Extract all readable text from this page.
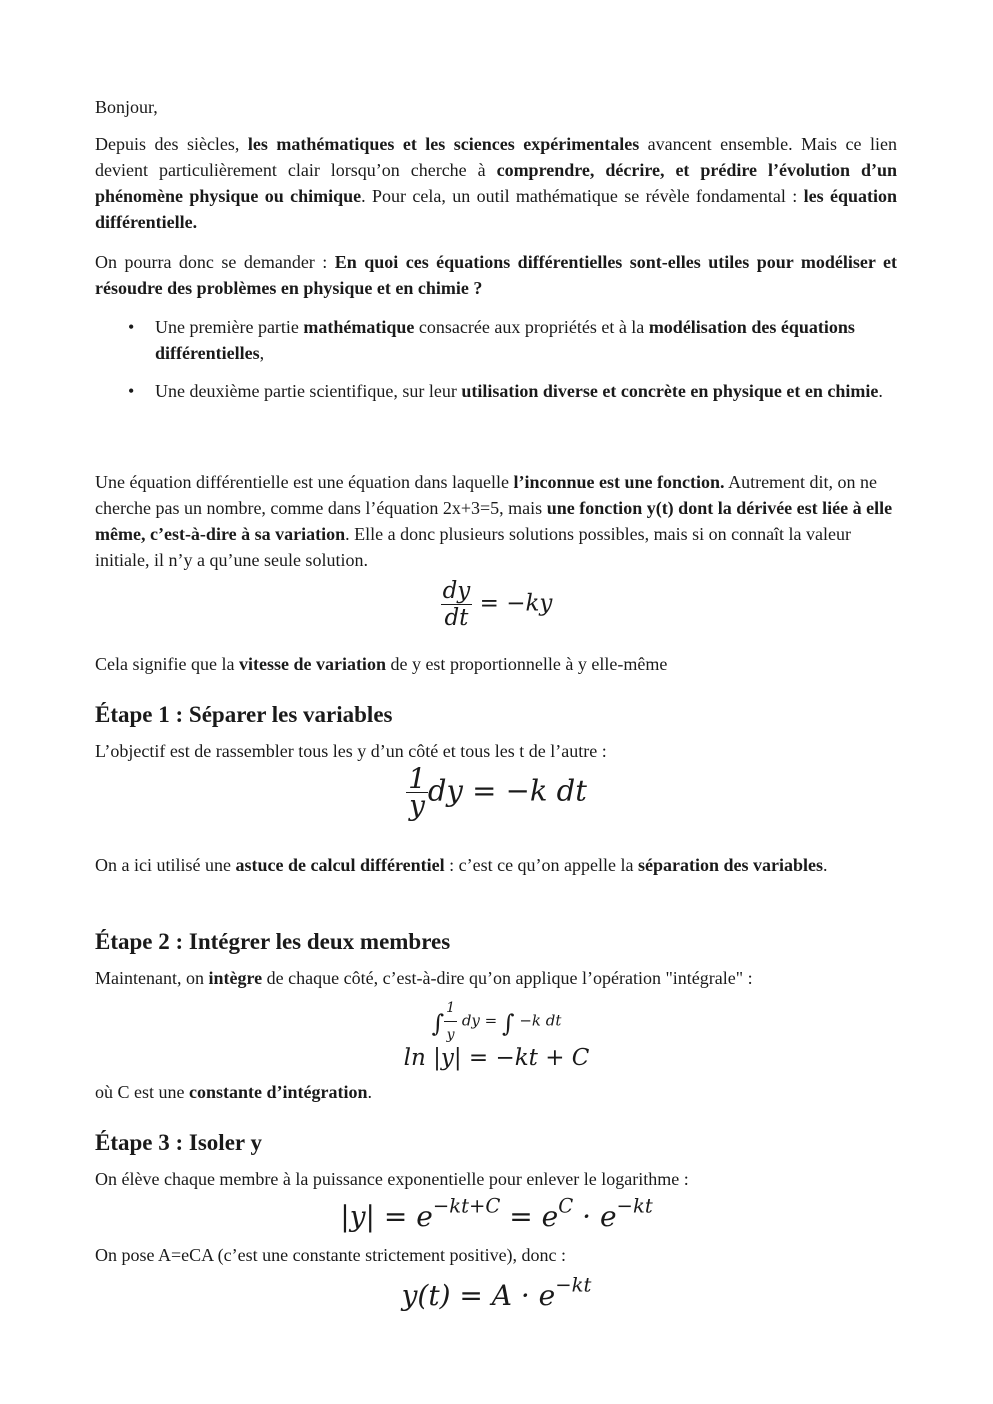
Bonjour,

Depuis des siècles, les mathématiques et les sciences expérimentales avancent ensemble. Mais ce lien devient particulièrement clair lorsqu’on cherche à comprendre, décrire, et prédire l’évolution d’un phénomène physique ou chimique. Pour cela, un outil mathématique se révèle fondamental : les équation différentielle.

On pourra donc se demander : En quoi ces équations différentielles sont-elles utiles pour modéliser et résoudre des problèmes en physique et en chimie ?

• Une première partie mathématique consacrée aux propriétés et à la modélisation des équations différentielles,

• Une deuxième partie scientifique, sur leur utilisation diverse et concrète en physique et en chimie.

Une équation différentielle est une équation dans laquelle l’inconnue est une fonction. Autrement dit, on ne cherche pas un nombre, comme dans l’équation 2x+3=5, mais une fonction y(t) dont la dérivée est liée à elle même, c’est-à-dire à sa variation. Elle a donc plusieurs solutions possibles, mais si on connaît la valeur initiale, il n’y a qu’une seule solution.

$\frac{dy}{dt} = -ky$

Cela signifie que la vitesse de variation de y est proportionnelle à y elle-même

Étape 1 : Séparer les variables

L’objectif est de rassembler tous les y d’un côté et tous les t de l’autre :

$\frac{1}{y}$ dy = −k dt

On a ici utilisé une astuce de calcul différentiel : c’est ce qu’on appelle la séparation des variables.

Étape 2 : Intégrer les deux membres

Maintenant, on intègre de chaque côté, c’est-à-dire qu’on applique l’opération "intégrale" :

∫ $\frac{1}{y}$ dy = ∫ −k dt
ln |y| = −kt + C

où C est une constante d’intégration.

Étape 3 : Isoler y

On élève chaque membre à la puissance exponentielle pour enlever le logarithme :

$|y| = e^{-kt+C} = e^C \cdot e^{-kt}$

On pose A=eCA (c’est une constante strictement positive), donc :

$y(t) = A \cdot e^{-kt}$
